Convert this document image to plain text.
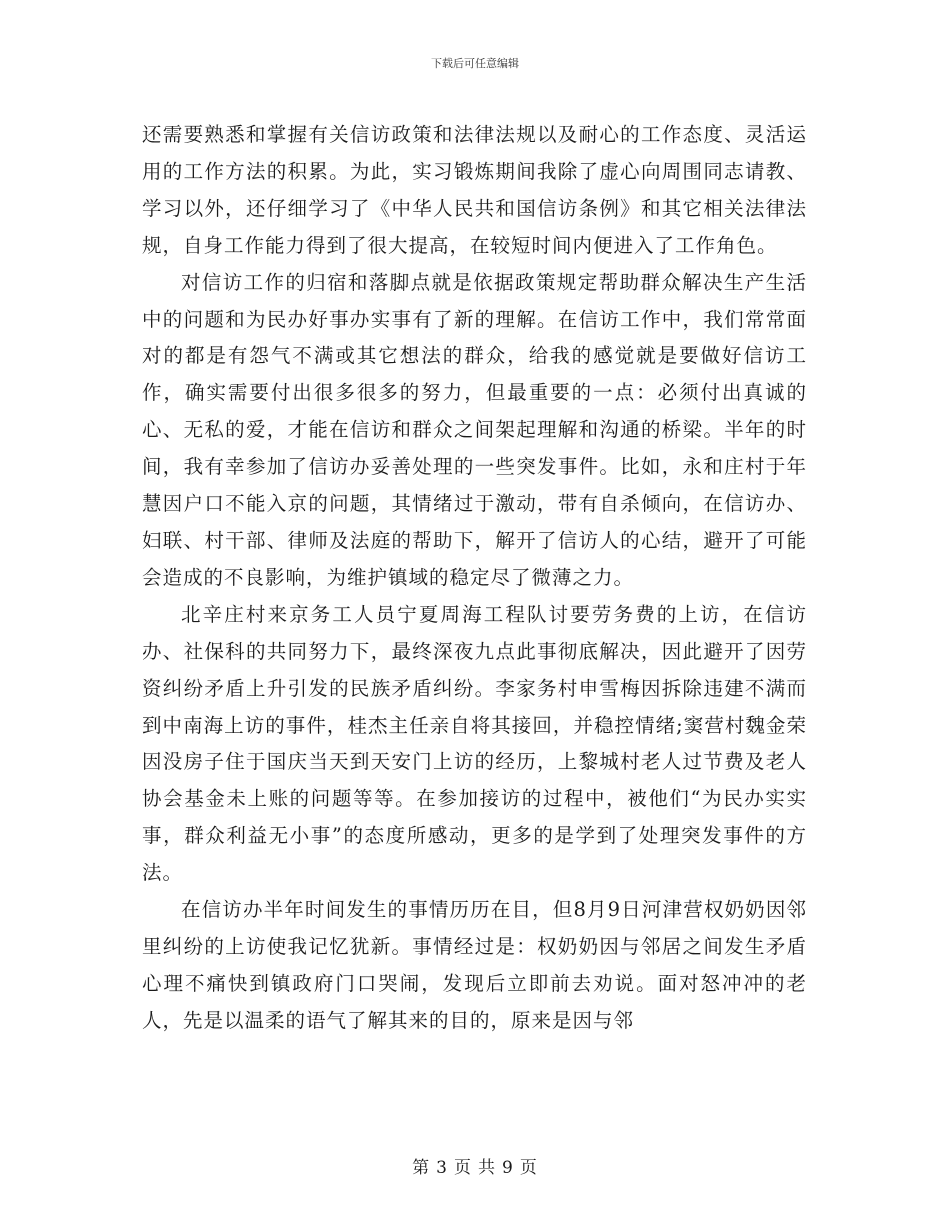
下载后可任意编辑

还需要熟悉和掌握有关信访政策和法律法规以及耐心的工作态度、灵活运用的工作方法的积累。为此，实习锻炼期间我除了虚心向周围同志请教、学习以外，还仔细学习了《中华人民共和国信访条例》和其它相关法律法规，自身工作能力得到了很大提高，在较短时间内便进入了工作角色。

对信访工作的归宿和落脚点就是依据政策规定帮助群众解决生产生活中的问题和为民办好事办实事有了新的理解。在信访工作中，我们常常面对的都是有怨气不满或其它想法的群众，给我的感觉就是要做好信访工作，确实需要付出很多很多的努力，但最重要的一点：必须付出真诚的心、无私的爱，才能在信访和群众之间架起理解和沟通的桥梁。半年的时间，我有幸参加了信访办妥善处理的一些突发事件。比如，永和庄村于年慧因户口不能入京的问题，其情绪过于激动，带有自杀倾向，在信访办、妇联、村干部、律师及法庭的帮助下，解开了信访人的心结，避开了可能会造成的不良影响，为维护镇域的稳定尽了微薄之力。

北辛庄村来京务工人员宁夏周海工程队讨要劳务费的上访，在信访办、社保科的共同努力下，最终深夜九点此事彻底解决，因此避开了因劳资纠纷矛盾上升引发的民族矛盾纠纷。李家务村申雪梅因拆除违建不满而到中南海上访的事件，桂杰主任亲自将其接回，并稳控情绪;窦营村魏金荣因没房子住于国庆当天到天安门上访的经历，上黎城村老人过节费及老人协会基金未上账的问题等等。在参加接访的过程中，被他们“为民办实实事，群众利益无小事”的态度所感动，更多的是学到了处理突发事件的方法。

在信访办半年时间发生的事情历历在目，但8月9日河津营权奶奶因邻里纠纷的上访使我记忆犹新。事情经过是：权奶奶因与邻居之间发生矛盾心理不痛快到镇政府门口哭闹，发现后立即前去劝说。面对怒冲冲的老人，先是以温柔的语气了解其来的目的，原来是因与邻

第 3 页 共 9 页
